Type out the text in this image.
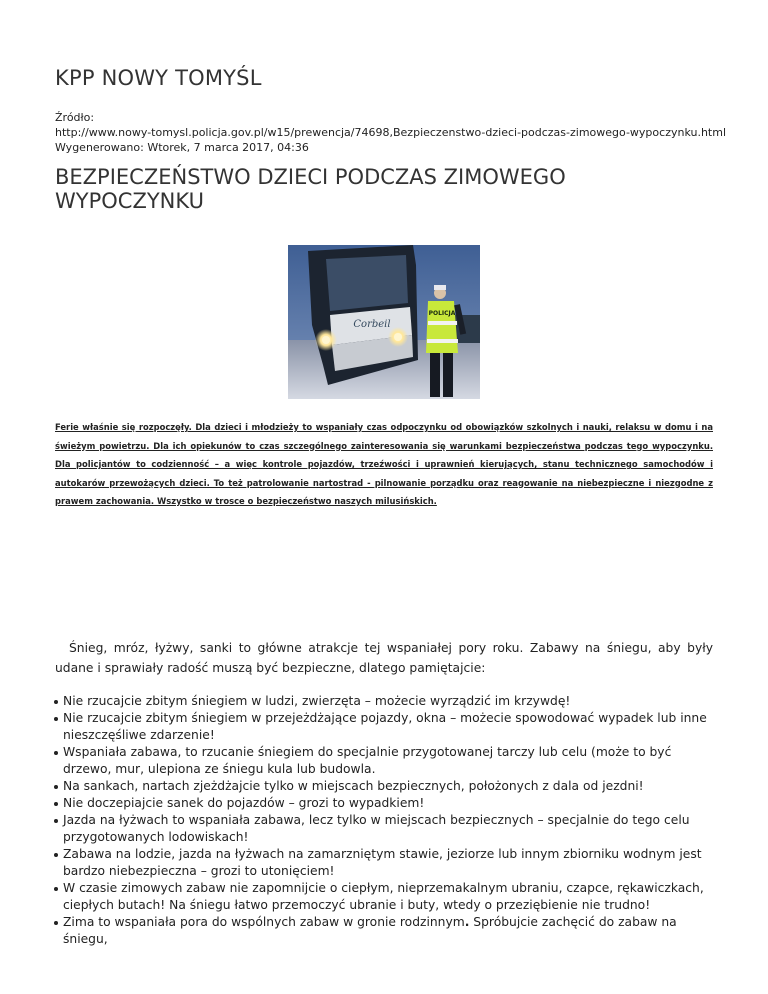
KPP NOWY TOMYŚL
Źródło:
http://www.nowy-tomysl.policja.gov.pl/w15/prewencja/74698,Bezpieczenstwo-dzieci-podczas-zimowego-wypoczynku.html
Wygenerowano: Wtorek, 7 marca 2017, 04:36
BEZPIECZEŃSTWO DZIECI PODCZAS ZIMOWEGO WYPOCZYNKU
Corbeil
POLICJA

Ferie właśnie się rozpoczęły. Dla dzieci i młodzieży to wspaniały czas odpoczynku od obowiązków szkolnych i nauki, relaksu w domu i na świeżym powietrzu. Dla ich opiekunów to czas szczególnego zainteresowania się warunkami bezpieczeństwa podczas tego wypoczynku. Dla policjantów to codzienność – a więc kontrole pojazdów, trzeźwości i uprawnień kierujących, stanu technicznego samochodów i autokarów przewożących dzieci. To też patrolowanie nartostrad - pilnowanie porządku oraz reagowanie na niebezpieczne i niezgodne z prawem zachowania. Wszystko w trosce o bezpieczeństwo naszych milusińskich.

Śnieg, mróz, łyżwy, sanki to główne atrakcje tej wspaniałej pory roku. Zabawy na śniegu, aby były udane i sprawiały radość muszą być bezpieczne, dlatego pamiętajcie:

Nie rzucajcie zbitym śniegiem w ludzi, zwierzęta – możecie wyrządzić im krzywdę!
Nie rzucajcie zbitym śniegiem w przejeżdżające pojazdy, okna – możecie spowodować wypadek lub inne nieszczęśliwe zdarzenie!
Wspaniała zabawa, to rzucanie śniegiem do specjalnie przygotowanej tarczy lub celu (może to być drzewo, mur, ulepiona ze śniegu kula lub budowla.
Na sankach, nartach zjeżdżajcie tylko w miejscach bezpiecznych, położonych z dala od jezdni!
Nie doczepiajcie sanek do pojazdów – grozi to wypadkiem!
Jazda na łyżwach to wspaniała zabawa, lecz tylko w miejscach bezpiecznych – specjalnie do tego celu przygotowanych lodowiskach!
Zabawa na lodzie, jazda na łyżwach na zamarzniętym stawie, jeziorze lub innym zbiorniku wodnym jest bardzo niebezpieczna – grozi to utonięciem!
W czasie zimowych zabaw nie zapomnijcie o ciepłym, nieprzemakalnym ubraniu, czapce, rękawiczkach, ciepłych butach! Na śniegu łatwo przemoczyć ubranie i buty, wtedy o przeziębienie nie trudno!
Zima to wspaniała pora do wspólnych zabaw w gronie rodzinnym. Spróbujcie zachęcić do zabaw na śniegu,
